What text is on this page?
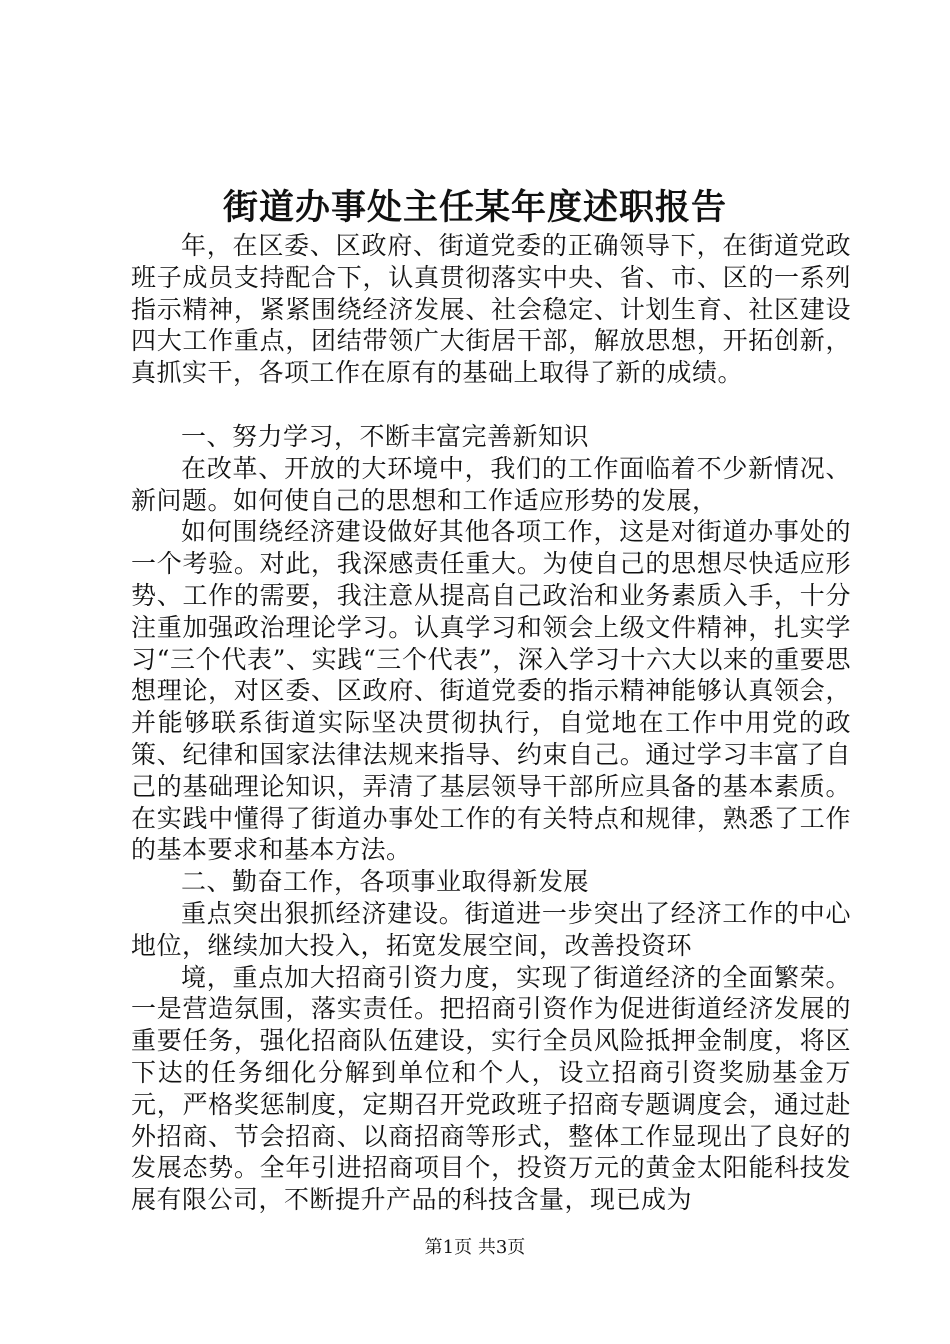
街道办事处主任某年度述职报告

年，在区委、区政府、街道党委的正确领导下，在街道党政班子成员支持配合下，认真贯彻落实中央、省、市、区的一系列指示精神，紧紧围绕经济发展、社会稳定、计划生育、社区建设四大工作重点，团结带领广大街居干部，解放思想，开拓创新，真抓实干，各项工作在原有的基础上取得了新的成绩。

一、努力学习，不断丰富完善新知识

在改革、开放的大环境中，我们的工作面临着不少新情况、新问题。如何使自己的思想和工作适应形势的发展，

如何围绕经济建设做好其他各项工作，这是对街道办事处的一个考验。对此，我深感责任重大。为使自己的思想尽快适应形势、工作的需要，我注意从提高自己政治和业务素质入手，十分注重加强政治理论学习。认真学习和领会上级文件精神，扎实学习“三个代表”、实践“三个代表”，深入学习十六大以来的重要思想理论，对区委、区政府、街道党委的指示精神能够认真领会，并能够联系街道实际坚决贯彻执行，自觉地在工作中用党的政策、纪律和国家法律法规来指导、约束自己。通过学习丰富了自己的基础理论知识，弄清了基层领导干部所应具备的基本素质。在实践中懂得了街道办事处工作的有关特点和规律，熟悉了工作的基本要求和基本方法。

二、勤奋工作，各项事业取得新发展

重点突出狠抓经济建设。街道进一步突出了经济工作的中心地位，继续加大投入，拓宽发展空间，改善投资环

境，重点加大招商引资力度，实现了街道经济的全面繁荣。一是营造氛围，落实责任。把招商引资作为促进街道经济发展的重要任务，强化招商队伍建设，实行全员风险抵押金制度，将区下达的任务细化分解到单位和个人，设立招商引资奖励基金万元，严格奖惩制度，定期召开党政班子招商专题调度会，通过赴外招商、节会招商、以商招商等形式，整体工作显现出了良好的发展态势。全年引进招商项目个，投资万元的黄金太阳能科技发展有限公司，不断提升产品的科技含量，现已成为

第1页 共3页
